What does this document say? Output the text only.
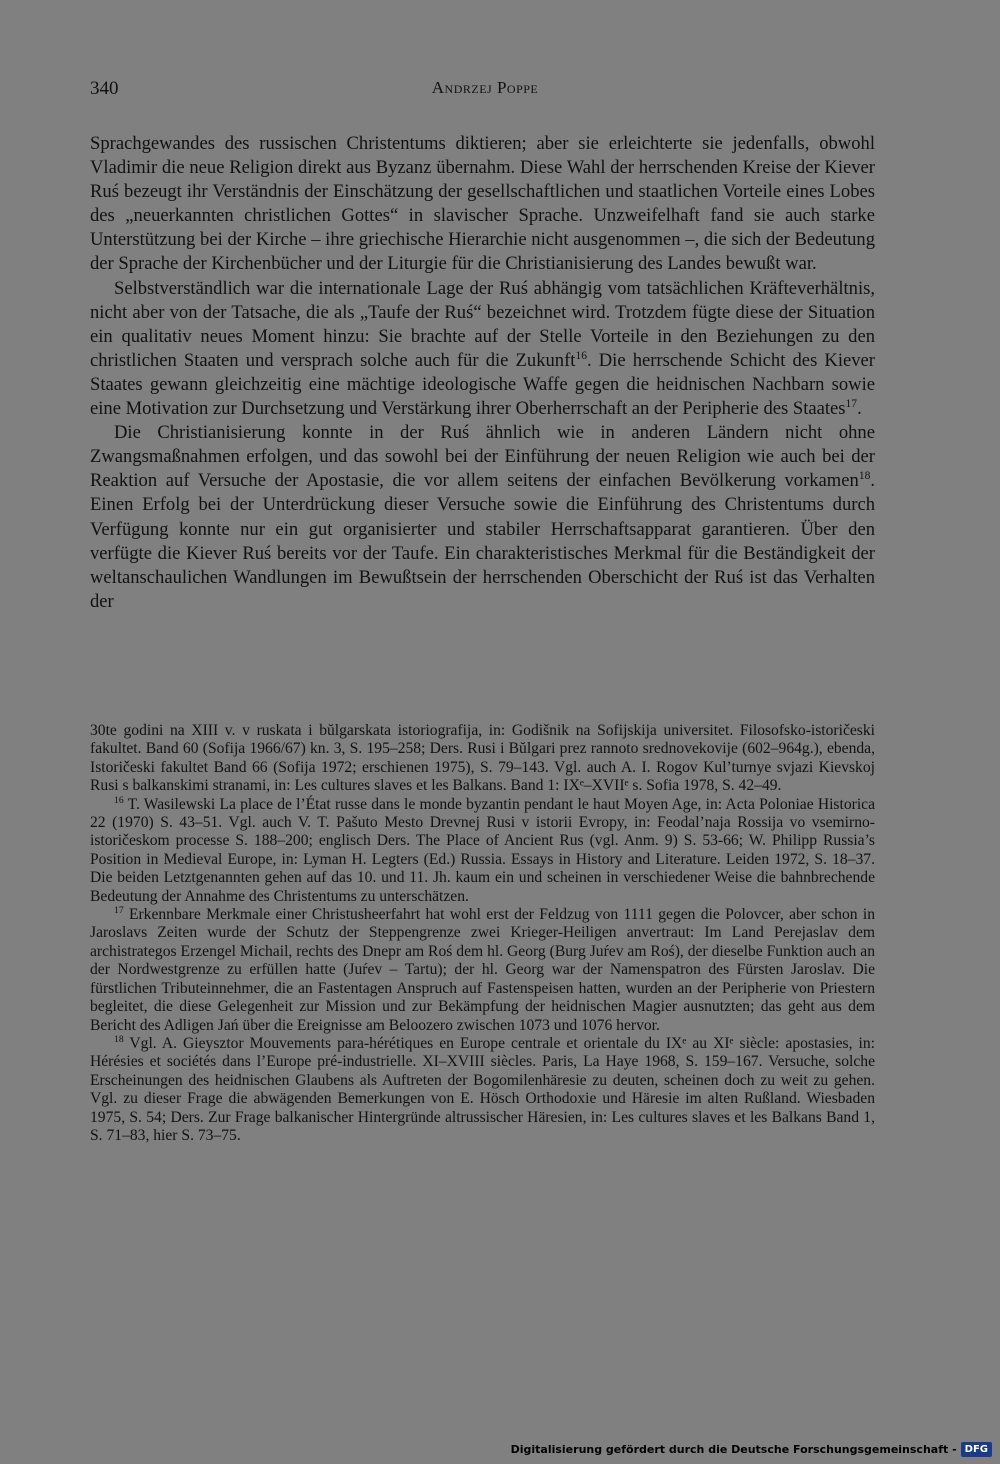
340	Andrzej Poppe

Sprachgewandes des russischen Christentums diktieren; aber sie erleichterte sie jedenfalls, obwohl Vladimir die neue Religion direkt aus Byzanz übernahm. Diese Wahl der herrschenden Kreise der Kiever Ruś bezeugt ihr Verständnis der Einschätzung der gesellschaftlichen und staatlichen Vorteile eines Lobes des „neuerkannten christlichen Gottes“ in slavischer Sprache. Unzweifelhaft fand sie auch starke Unterstützung bei der Kirche – ihre griechische Hierarchie nicht ausgenommen –, die sich der Bedeutung der Sprache der Kirchenbücher und der Liturgie für die Christianisierung des Landes bewußt war.

Selbstverständlich war die internationale Lage der Ruś abhängig vom tatsächlichen Kräfteverhältnis, nicht aber von der Tatsache, die als „Taufe der Ruś“ bezeichnet wird. Trotzdem fügte diese der Situation ein qualitativ neues Moment hinzu: Sie brachte auf der Stelle Vorteile in den Beziehungen zu den christlichen Staaten und versprach solche auch für die Zukunft$^{16}$. Die herrschende Schicht des Kiever Staates gewann gleichzeitig eine mächtige ideologische Waffe gegen die heidnischen Nachbarn sowie eine Motivation zur Durchsetzung und Verstärkung ihrer Oberherrschaft an der Peripherie des Staates$^{17}$.

Die Christianisierung konnte in der Ruś ähnlich wie in anderen Ländern nicht ohne Zwangsmaßnahmen erfolgen, und das sowohl bei der Einführung der neuen Religion wie auch bei der Reaktion auf Versuche der Apostasie, die vor allem seitens der einfachen Bevölkerung vorkamen$^{18}$. Einen Erfolg bei der Unterdrückung dieser Versuche sowie die Einführung des Christentums durch Verfügung konnte nur ein gut organisierter und stabiler Herrschaftsapparat garantieren. Über den verfügte die Kiever Ruś bereits vor der Taufe. Ein charakteristisches Merkmal für die Beständigkeit der weltanschaulichen Wandlungen im Bewußtsein der herrschenden Oberschicht der Ruś ist das Verhalten der

30te godini na XIII v. v ruskata i bŭlgarskata istoriografija, in: Godišnik na Sofijskija universitet. Filosofsko-istoričeski fakultet. Band 60 (Sofija 1966/67) kn. 3, S. 195–258; Ders. Rusi i Bŭlgari prez rannoto srednovekovije (602–964g.), ebenda, Istoričeski fakultet Band 66 (Sofija 1972; erschienen 1975), S. 79–143. Vgl. auch A. I. Rogov Kul’turnye svjazi Kievskoj Rusi s balkanskimi stranami, in: Les cultures slaves et les Balkans. Band 1: IXᵉ–XVIIᵉ s. Sofia 1978, S. 42–49.

$^{16}$ T. Wasilewski La place de l’État russe dans le monde byzantin pendant le haut Moyen Age, in: Acta Poloniae Historica 22 (1970) S. 43–51. Vgl. auch V. T. Pašuto Mesto Drevnej Rusi v istorii Evropy, in: Feodal’naja Rossija vo vsemirno-istoričeskom processe S. 188–200; englisch Ders. The Place of Ancient Rus (vgl. Anm. 9) S. 53-66; W. Philipp Russia’s Position in Medieval Europe, in: Lyman H. Legters (Ed.) Russia. Essays in History and Literature. Leiden 1972, S. 18–37. Die beiden Letztgenannten gehen auf das 10. und 11. Jh. kaum ein und scheinen in verschiedener Weise die bahnbrechende Bedeutung der Annahme des Christentums zu unterschätzen.

$^{17}$ Erkennbare Merkmale einer Christusheerfahrt hat wohl erst der Feldzug von 1111 gegen die Polovcer, aber schon in Jaroslavs Zeiten wurde der Schutz der Steppengrenze zwei Krieger-Heiligen anvertraut: Im Land Perejaslav dem archistrategos Erzengel Michail, rechts des Dnepr am Roś dem hl. Georg (Burg Juŕev am Roś), der dieselbe Funktion auch an der Nordwestgrenze zu erfüllen hatte (Juŕev – Tartu); der hl. Georg war der Namenspatron des Fürsten Jaroslav. Die fürstlichen Tributeinnehmer, die an Fastentagen Anspruch auf Fastenspeisen hatten, wurden an der Peripherie von Priestern begleitet, die diese Gelegenheit zur Mission und zur Bekämpfung der heidnischen Magier ausnutzten; das geht aus dem Bericht des Adligen Jań über die Ereignisse am Beloozero zwischen 1073 und 1076 hervor.

$^{18}$ Vgl. A. Gieysztor Mouvements para-hérétiques en Europe centrale et orientale du IXᵉ au XIᵉ siècle: apostasies, in: Hérésies et sociétés dans l’Europe pré-industrielle. XI–XVIII siècles. Paris, La Haye 1968, S. 159–167. Versuche, solche Erscheinungen des heidnischen Glaubens als Auftreten der Bogomilenhäresie zu deuten, scheinen doch zu weit zu gehen. Vgl. zu dieser Frage die abwägenden Bemerkungen von E. Hösch Orthodoxie und Häresie im alten Rußland. Wiesbaden 1975, S. 54; Ders. Zur Frage balkanischer Hintergründe altrussischer Häresien, in: Les cultures slaves et les Balkans Band 1, S. 71–83, hier S. 73–75.

Digitalisierung gefördert durch die Deutsche Forschungsgemeinschaft - DFG
